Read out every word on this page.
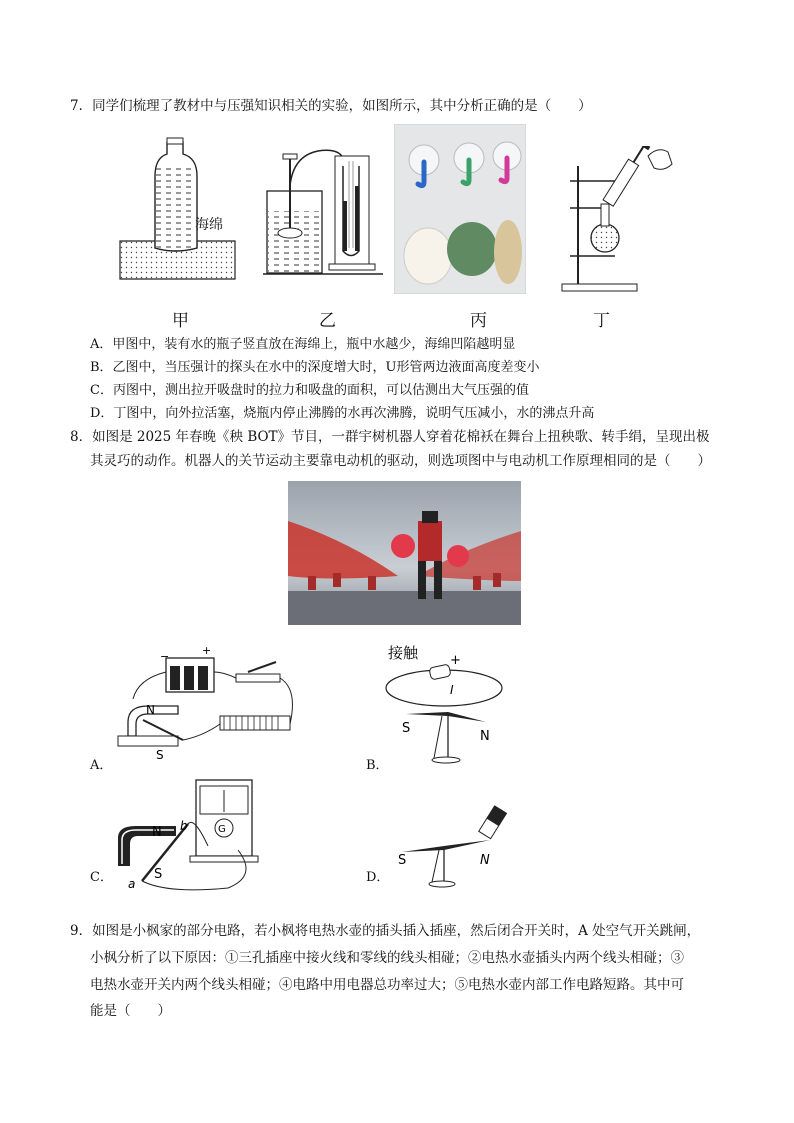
7．同学们梳理了教材中与压强知识相关的实验，如图所示，其中分析正确的是（　　）
海绵
甲	乙	丙	丁
A．甲图中，装有水的瓶子竖直放在海绵上，瓶中水越少，海绵凹陷越明显
B．乙图中，当压强计的探头在水中的深度增大时，U形管两边液面高度差变小
C．丙图中，测出拉开吸盘时的拉力和吸盘的面积，可以估测出大气压强的值
D．丁图中，向外拉活塞，烧瓶内停止沸腾的水再次沸腾，说明气压减小，水的沸点升高
8．如图是 2025 年春晚《秧 BOT》节目，一群宇树机器人穿着花棉袄在舞台上扭秧歌、转手绢，呈现出极
其灵巧的动作。机器人的关节运动主要靠电动机的驱动，则选项图中与电动机工作原理相同的是（　　）
A．
−	+
N
S
B．
接触 +
I
S
N
C．
G
N
S
a
b
D．
S	N
9．如图是小枫家的部分电路，若小枫将电热水壶的插头插入插座，然后闭合开关时，A 处空气开关跳闸，
小枫分析了以下原因：①三孔插座中接火线和零线的线头相碰；②电热水壶插头内两个线头相碰；③
电热水壶开关内两个线头相碰；④电路中用电器总功率过大；⑤电热水壶内部工作电路短路。其中可
能是（　　）
